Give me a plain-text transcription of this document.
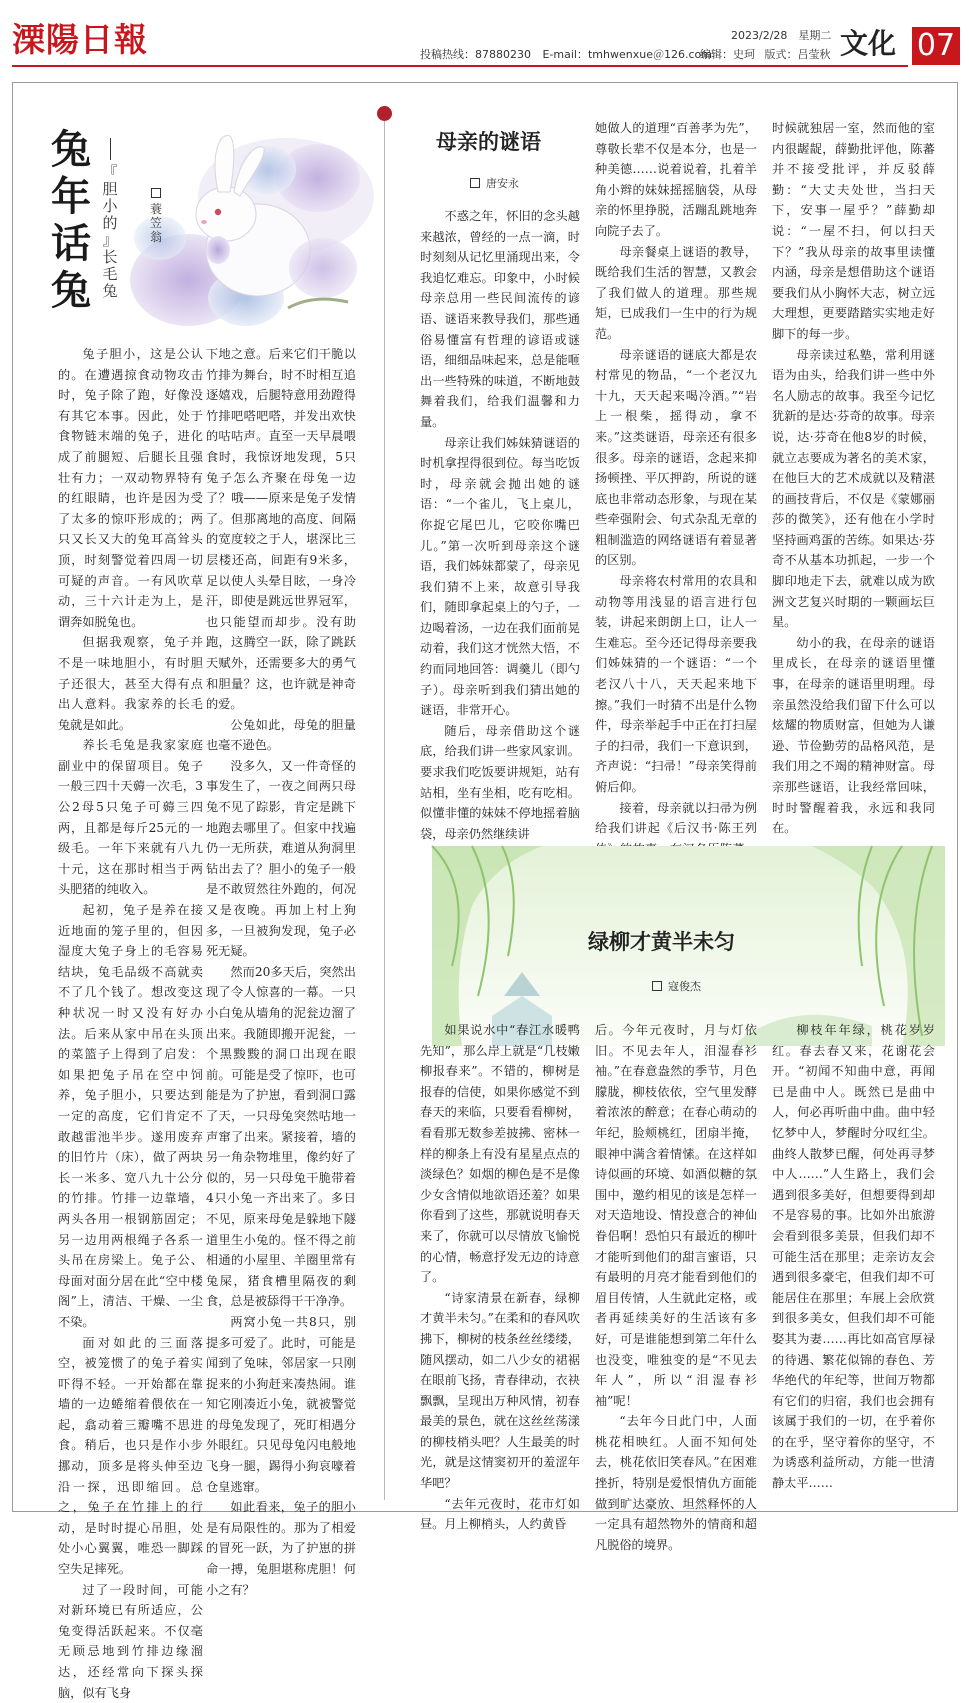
溧陽日報	投稿热线：87880230 E-mail：tmhwenxue＠126.com
2023/2/28　星期二
编辑：史珂 版式：吕莹秋 文化 07
兔
年
话
兔
『
胆
小
的
』
长
毛
兔
蓑
笠
翁

兔子胆小，这是公认的。在遭遇掠食动物攻击时，兔子除了跑，好像没有其它本事。因此，处于食物链末端的兔子，进化成了前腿短、后腿长且强壮有力；一双动物界特有的红眼睛，也许是因为受了太多的惊吓形成的；两只又长又大的兔耳高耸头顶，时刻警觉着四周一切可疑的声音。一有风吹草动，三十六计走为上，是谓奔如脱兔也。

但据我观察，兔子并不是一味地胆小，有时胆子还很大，甚至大得有点出人意料。我家养的长毛兔就是如此。

养长毛兔是我家家庭副业中的保留项目。兔子一般三四十天薅一次毛，3公2母5只兔子可薅三四两，且都是每斤25元的一级毛。一年下来就有八九十元，这在那时相当于两头肥猪的纯收入。

起初，兔子是养在接近地面的笼子里的，但因湿度大兔子身上的毛容易结块，兔毛品级不高就卖不了几个钱了。想改变这种状况一时又没有好办法。后来从家中吊在头顶的菜篮子上得到了启发：如果把兔子吊在空中饲养，兔子胆小，只要达到一定的高度，它们肯定不敢越雷池半步。遂用废弃的旧竹片（床），做了两块长一米多、宽八九十公分的竹排。竹排一边靠墙，两头各用一根钢筋固定；另一边用两根绳子各系一头吊在房梁上。兔子公、母面对面分居在此“空中楼阁”上，清洁、干燥、一尘不染。

面对如此的三面落空，被笼惯了的兔子着实吓得不轻。一开始都在靠墙的一边蜷缩着偎依在一起，翕动着三瓣嘴不思进食。稍后，也只是作小步挪动，顶多是将头伸至边沿一探，迅即缩回。总之，兔子在竹排上的行动，是时时提心吊胆，处处小心翼翼，唯恐一脚踩空失足摔死。

过了一段时间，可能对新环境已有所适应，公兔变得活跃起来。不仅毫无顾忌地到竹排边缘溜达，还经常向下探头探脑，似有飞身

下地之意。后来它们干脆以竹排为舞台，时不时相互追逐嬉戏，后腿特意用劲蹬得竹排吧嗒吧嗒，并发出欢快的咕咕声。直至一天早晨喂食时，我惊讶地发现，5只兔子怎么齐聚在母兔一边了？哦——原来是兔子发情了。但那离地的高度、间隔的宽度较之于人，堪深比三层楼还高，间距有9米多，足以使人头晕目眩，一身冷汗，即使是跳远世界冠军，也只能望而却步。没有助跑，这腾空一跃，除了跳跃天赋外，还需要多大的勇气和胆量？这，也许就是神奇的爱。

公兔如此，母兔的胆量也毫不逊色。

没多久，又一件奇怪的事发生了，一夜之间两只母兔不见了踪影，肯定是跳下地跑去哪里了。但家中找遍仍一无所获，难道从狗洞里钻出去了？胆小的兔子一般是不敢贸然往外跑的，何况又是夜晚。再加上村上狗多，一旦被狗发现，兔子必死无疑。

然而20多天后，突然出现了令人惊喜的一幕。一只小白兔从墙角的泥瓮边溜了出来。我随即搬开泥瓮，一个黑黢黢的洞口出现在眼前。可能是受了惊吓，也可能是为了护崽，看到洞口露了天，一只母兔突然咕地一声窜了出来。紧接着，墙的另一角杂物堆里，像约好了似的，另一只母兔干脆带着4只小兔一齐出来了。多日不见，原来母兔是躲地下隧道里生小兔的。怪不得之前相通的小屋里、羊圈里常有兔屎，猪食槽里隔夜的剩食，总是被舔得干干净净。

两窝小兔一共8只，别提多可爱了。此时，可能是闻到了兔味，邻居家一只刚捉来的小狗赶来凑热闹。谁知它刚凑近小兔，就被警觉的母兔发现了，死盯相遇分外眼红。只见母兔闪电般地飞身一腿，踢得小狗哀嚎着仓皇逃窜。

如此看来，兔子的胆小是有局限性的。那为了相爱的冒死一跃，为了护崽的拼命一搏，兔胆堪称虎胆！何小之有？

母亲的谜语
唐安永

不惑之年，怀旧的念头越来越浓，曾经的一点一滴，时时刻刻从记忆里涌现出来，令我追忆难忘。印象中，小时候母亲总用一些民间流传的谚语、谜语来教导我们，那些通俗易懂富有哲理的谚语或谜语，细细品味起来，总是能咂出一些特殊的味道，不断地鼓舞着我们，给我们温馨和力量。

母亲让我们姊妹猜谜语的时机拿捏得很到位。每当吃饭时，母亲就会抛出她的谜语：“一个雀儿，飞上桌儿，你捉它尾巴儿，它咬你嘴巴儿。”第一次听到母亲这个谜语，我们姊妹都蒙了，母亲见我们猜不上来，故意引导我们，随即拿起桌上的勺子，一边喝着汤，一边在我们面前晃动着，我们这才恍然大悟，不约而同地回答：调羹儿（即勺子）。母亲听到我们猜出她的谜语，非常开心。

随后，母亲借助这个谜底，给我们讲一些家风家训。要求我们吃饭要讲规矩，站有站相，坐有坐相，吃有吃相。似懂非懂的妹妹不停地摇着脑袋，母亲仍然继续讲

她做人的道理“百善孝为先”，尊敬长辈不仅是本分，也是一种美德……说着说着，扎着羊角小辫的妹妹摇摇脑袋，从母亲的怀里挣脱，活蹦乱跳地奔向院子去了。

母亲餐桌上谜语的教导，既给我们生活的智慧，又教会了我们做人的道理。那些规矩，已成我们一生中的行为规范。

母亲谜语的谜底大都是农村常见的物品，“一个老汉九十九，天天起来喝冷酒。”“岩上一根柴，摇得动，拿不来。”这类谜语，母亲还有很多很多。母亲的谜语，念起来抑扬顿挫、平仄押韵，所说的谜底也非常动态形象，与现在某些牵强附会、句式杂乱无章的粗制滥造的网络谜语有着显著的区别。

母亲将农村常用的农具和动物等用浅显的语言进行包装，讲起来朗朗上口，让人一生难忘。至今还记得母亲要我们姊妹猜的一个谜语：“一个老汉八十八，天天起来地下擦。”我们一时猜不出是什么物件，母亲举起手中正在打扫屋子的扫帚，我们一下意识到，齐声说：“扫帚！”母亲笑得前俯后仰。

接着，母亲就以扫帚为例给我们讲起《后汉书·陈王列

时候就独居一室，然而他的室内很龌龊，薛勤批评他，陈蕃并不接受批评，并反驳薛勤：“大丈夫处世，当扫天下，安事一屋乎？”薛勤却说：“一屋不扫，何以扫天下？”我从母亲的故事里读懂内涵，母亲是想借助这个谜语要我们从小胸怀大志，树立远大理想，更要踏踏实实地走好脚下的每一步。

母亲读过私塾，常利用谜语为由头，给我们讲一些中外名人励志的故事。我至今记忆犹新的是达·芬奇的故事。母亲说，达·芬奇在他8岁的时候，就立志要成为著名的美术家，在他巨大的艺术成就以及精湛的画技背后，不仅是《蒙娜丽莎的微笑》，还有他在小学时坚持画鸡蛋的苦练。如果达·芬奇不从基本功抓起，一步一个脚印地走下去，就难以成为欧洲文艺复兴时期的一颗画坛巨星。

幼小的我，在母亲的谜语里成长，在母亲的谜语里懂事，在母亲的谜语里明理。母亲虽然没给我们留下什么可以炫耀的物质财富，但她为人谦逊、节俭勤劳的品格风范，是我们用之不竭的精神财富。母亲那些谜语，让我经常回味，时时警醒着我，永远和我同在。

绿柳才黄半未匀
寇俊杰

如果说水中“春江水暖鸭先知”，那么岸上就是“几枝嫩柳报春来”。不错的，柳树是报春的信使，如果你感觉不到春天的来临，只要看看柳树，看看那无数参差披拂、密林一样的柳条上有没有星星点点的淡绿色？如烟的柳色是不是像少女含情似地欲语还羞？如果你看到了这些，那就说明春天来了，你就可以尽情放飞愉悦的心情，畅意抒发无边的诗意了。

“诗家清景在新春，绿柳才黄半未匀。”在柔和的春风吹拂下，柳树的枝条丝丝缕缕，随风摆动，如二八少女的裙裾在眼前飞扬，青春律动，衣袂飘飘，呈现出万种风情，初春最美的景色，就在这丝丝荡漾的柳枝梢头吧？人生最美的时光，就是这情窦初开的羞涩年华吧？

“去年元夜时，花市灯如昼。月上柳梢头，人约黄昏

后。今年元夜时，月与灯依旧。不见去年人，泪湿春衫袖。”在春意盎然的季节，月色朦胧，柳枝依依，空气里发酵着浓浓的醉意；在春心萌动的年纪，脸颊桃红，团扇半掩，眼神中满含着情愫。在这样如诗似画的环境、如酒似糖的氛围中，邀约相见的该是怎样一对天造地设、情投意合的神仙眷侣啊！恐怕只有最近的柳叶才能听到他们的甜言蜜语，只有最明的月亮才能看到他们的眉目传情，人生就此定格，或者再延续美好的生活该有多好，可是谁能想到第二年什么也没变，唯独变的是“不见去年人”，所以“泪湿春衫袖”呢！

“去年今日此门中，人面桃花相映红。人面不知何处去，桃花依旧笑春风。”在困难挫折，特别是爱恨情仇方面能做到旷达豪放、坦然释怀的人一定具有超然物外的情商和超凡脱俗的境界。

柳枝年年绿，桃花岁岁红。春去春又来，花谢花会开。“初闻不知曲中意，再闻已是曲中人。既然已是曲中人，何必再听曲中曲。曲中轻忆梦中人，梦醒时分叹红尘。曲终人散梦已醒，何处再寻梦中人……”人生路上，我们会遇到很多美好，但想要得到却不是容易的事。比如外出旅游会看到很多美景，但我们却不可能生活在那里；走亲访友会遇到很多豪宅，但我们却不可能居住在那里；车展上会欣赏到很多美女，但我们却不可能娶其为妻……再比如高官厚禄的待遇、繁花似锦的春色、芳华绝代的年纪等，世间万物都有它们的归宿，我们也会拥有该属于我们的一切，在乎着你的在乎，坚守着你的坚守，不为诱惑利益所动，方能一世清静太平……
